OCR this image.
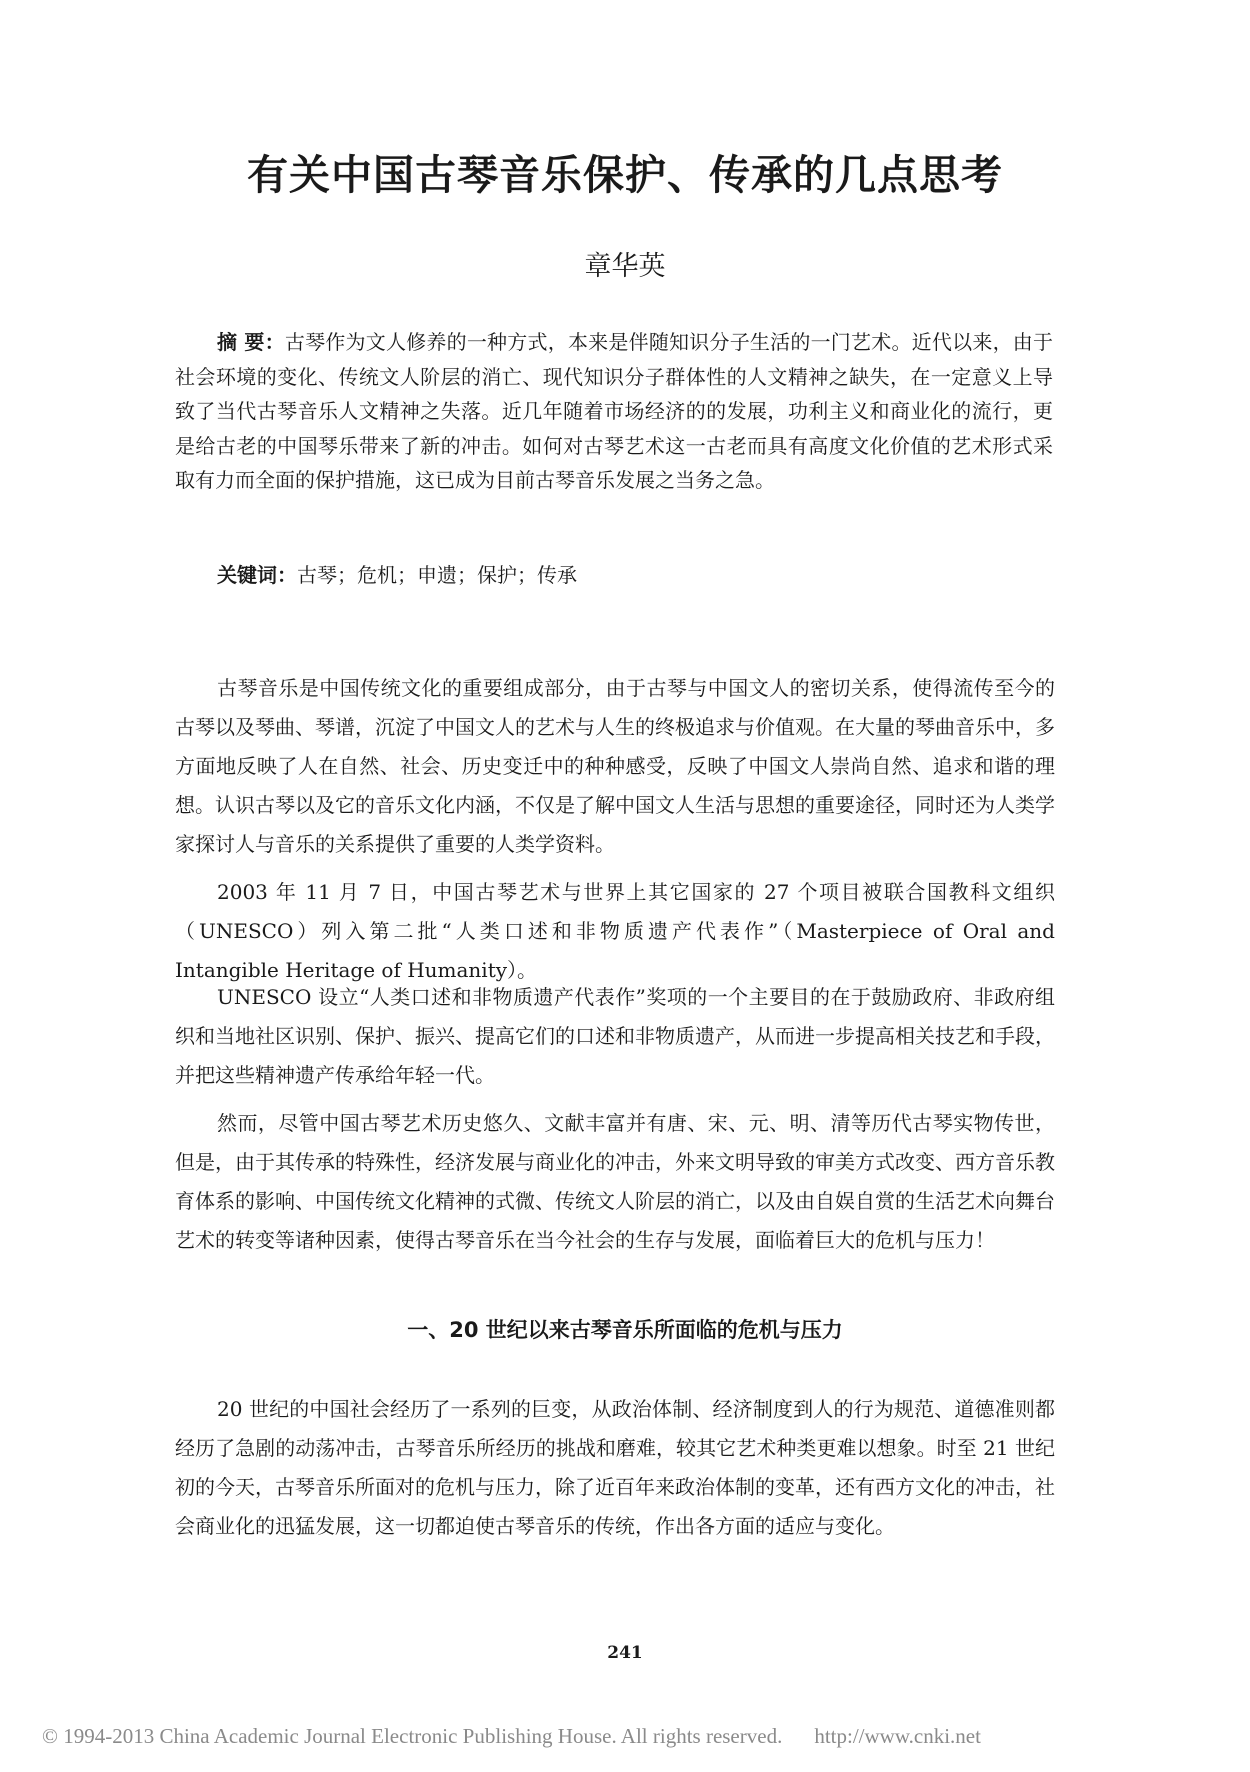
有关中国古琴音乐保护、传承的几点思考
章华英

摘 要：古琴作为文人修养的一种方式，本来是伴随知识分子生活的一门艺术。近代以来，由于社会环境的变化、传统文人阶层的消亡、现代知识分子群体性的人文精神之缺失，在一定意义上导致了当代古琴音乐人文精神之失落。近几年随着市场经济的的发展，功利主义和商业化的流行，更是给古老的中国琴乐带来了新的冲击。如何对古琴艺术这一古老而具有高度文化价值的艺术形式采取有力而全面的保护措施，这已成为目前古琴音乐发展之当务之急。

关键词：古琴；危机；申遗；保护；传承

古琴音乐是中国传统文化的重要组成部分，由于古琴与中国文人的密切关系，使得流传至今的古琴以及琴曲、琴谱，沉淀了中国文人的艺术与人生的终极追求与价值观。在大量的琴曲音乐中，多方面地反映了人在自然、社会、历史变迁中的种种感受，反映了中国文人崇尚自然、追求和谐的理想。认识古琴以及它的音乐文化内涵，不仅是了解中国文人生活与思想的重要途径，同时还为人类学家探讨人与音乐的关系提供了重要的人类学资料。

2003 年 11 月 7 日，中国古琴艺术与世界上其它国家的 27 个项目被联合国教科文组织（UNESCO）列入第二批“人类口述和非物质遗产代表作”（Masterpiece of Oral and Intangible Heritage of Humanity）。

UNESCO 设立“人类口述和非物质遗产代表作”奖项的一个主要目的在于鼓励政府、非政府组织和当地社区识别、保护、振兴、提高它们的口述和非物质遗产，从而进一步提高相关技艺和手段，并把这些精神遗产传承给年轻一代。

然而，尽管中国古琴艺术历史悠久、文献丰富并有唐、宋、元、明、清等历代古琴实物传世，但是，由于其传承的特殊性，经济发展与商业化的冲击，外来文明导致的审美方式改变、西方音乐教育体系的影响、中国传统文化精神的式微、传统文人阶层的消亡，以及由自娱自赏的生活艺术向舞台艺术的转变等诸种因素，使得古琴音乐在当今社会的生存与发展，面临着巨大的危机与压力！

一、20 世纪以来古琴音乐所面临的危机与压力

20 世纪的中国社会经历了一系列的巨变，从政治体制、经济制度到人的行为规范、道德准则都经历了急剧的动荡冲击，古琴音乐所经历的挑战和磨难，较其它艺术种类更难以想象。时至 21 世纪初的今天，古琴音乐所面对的危机与压力，除了近百年来政治体制的变革，还有西方文化的冲击，社会商业化的迅猛发展，这一切都迫使古琴音乐的传统，作出各方面的适应与变化。

241
© 1994-2013 China Academic Journal Electronic Publishing House. All rights reserved. http://www.cnki.net
